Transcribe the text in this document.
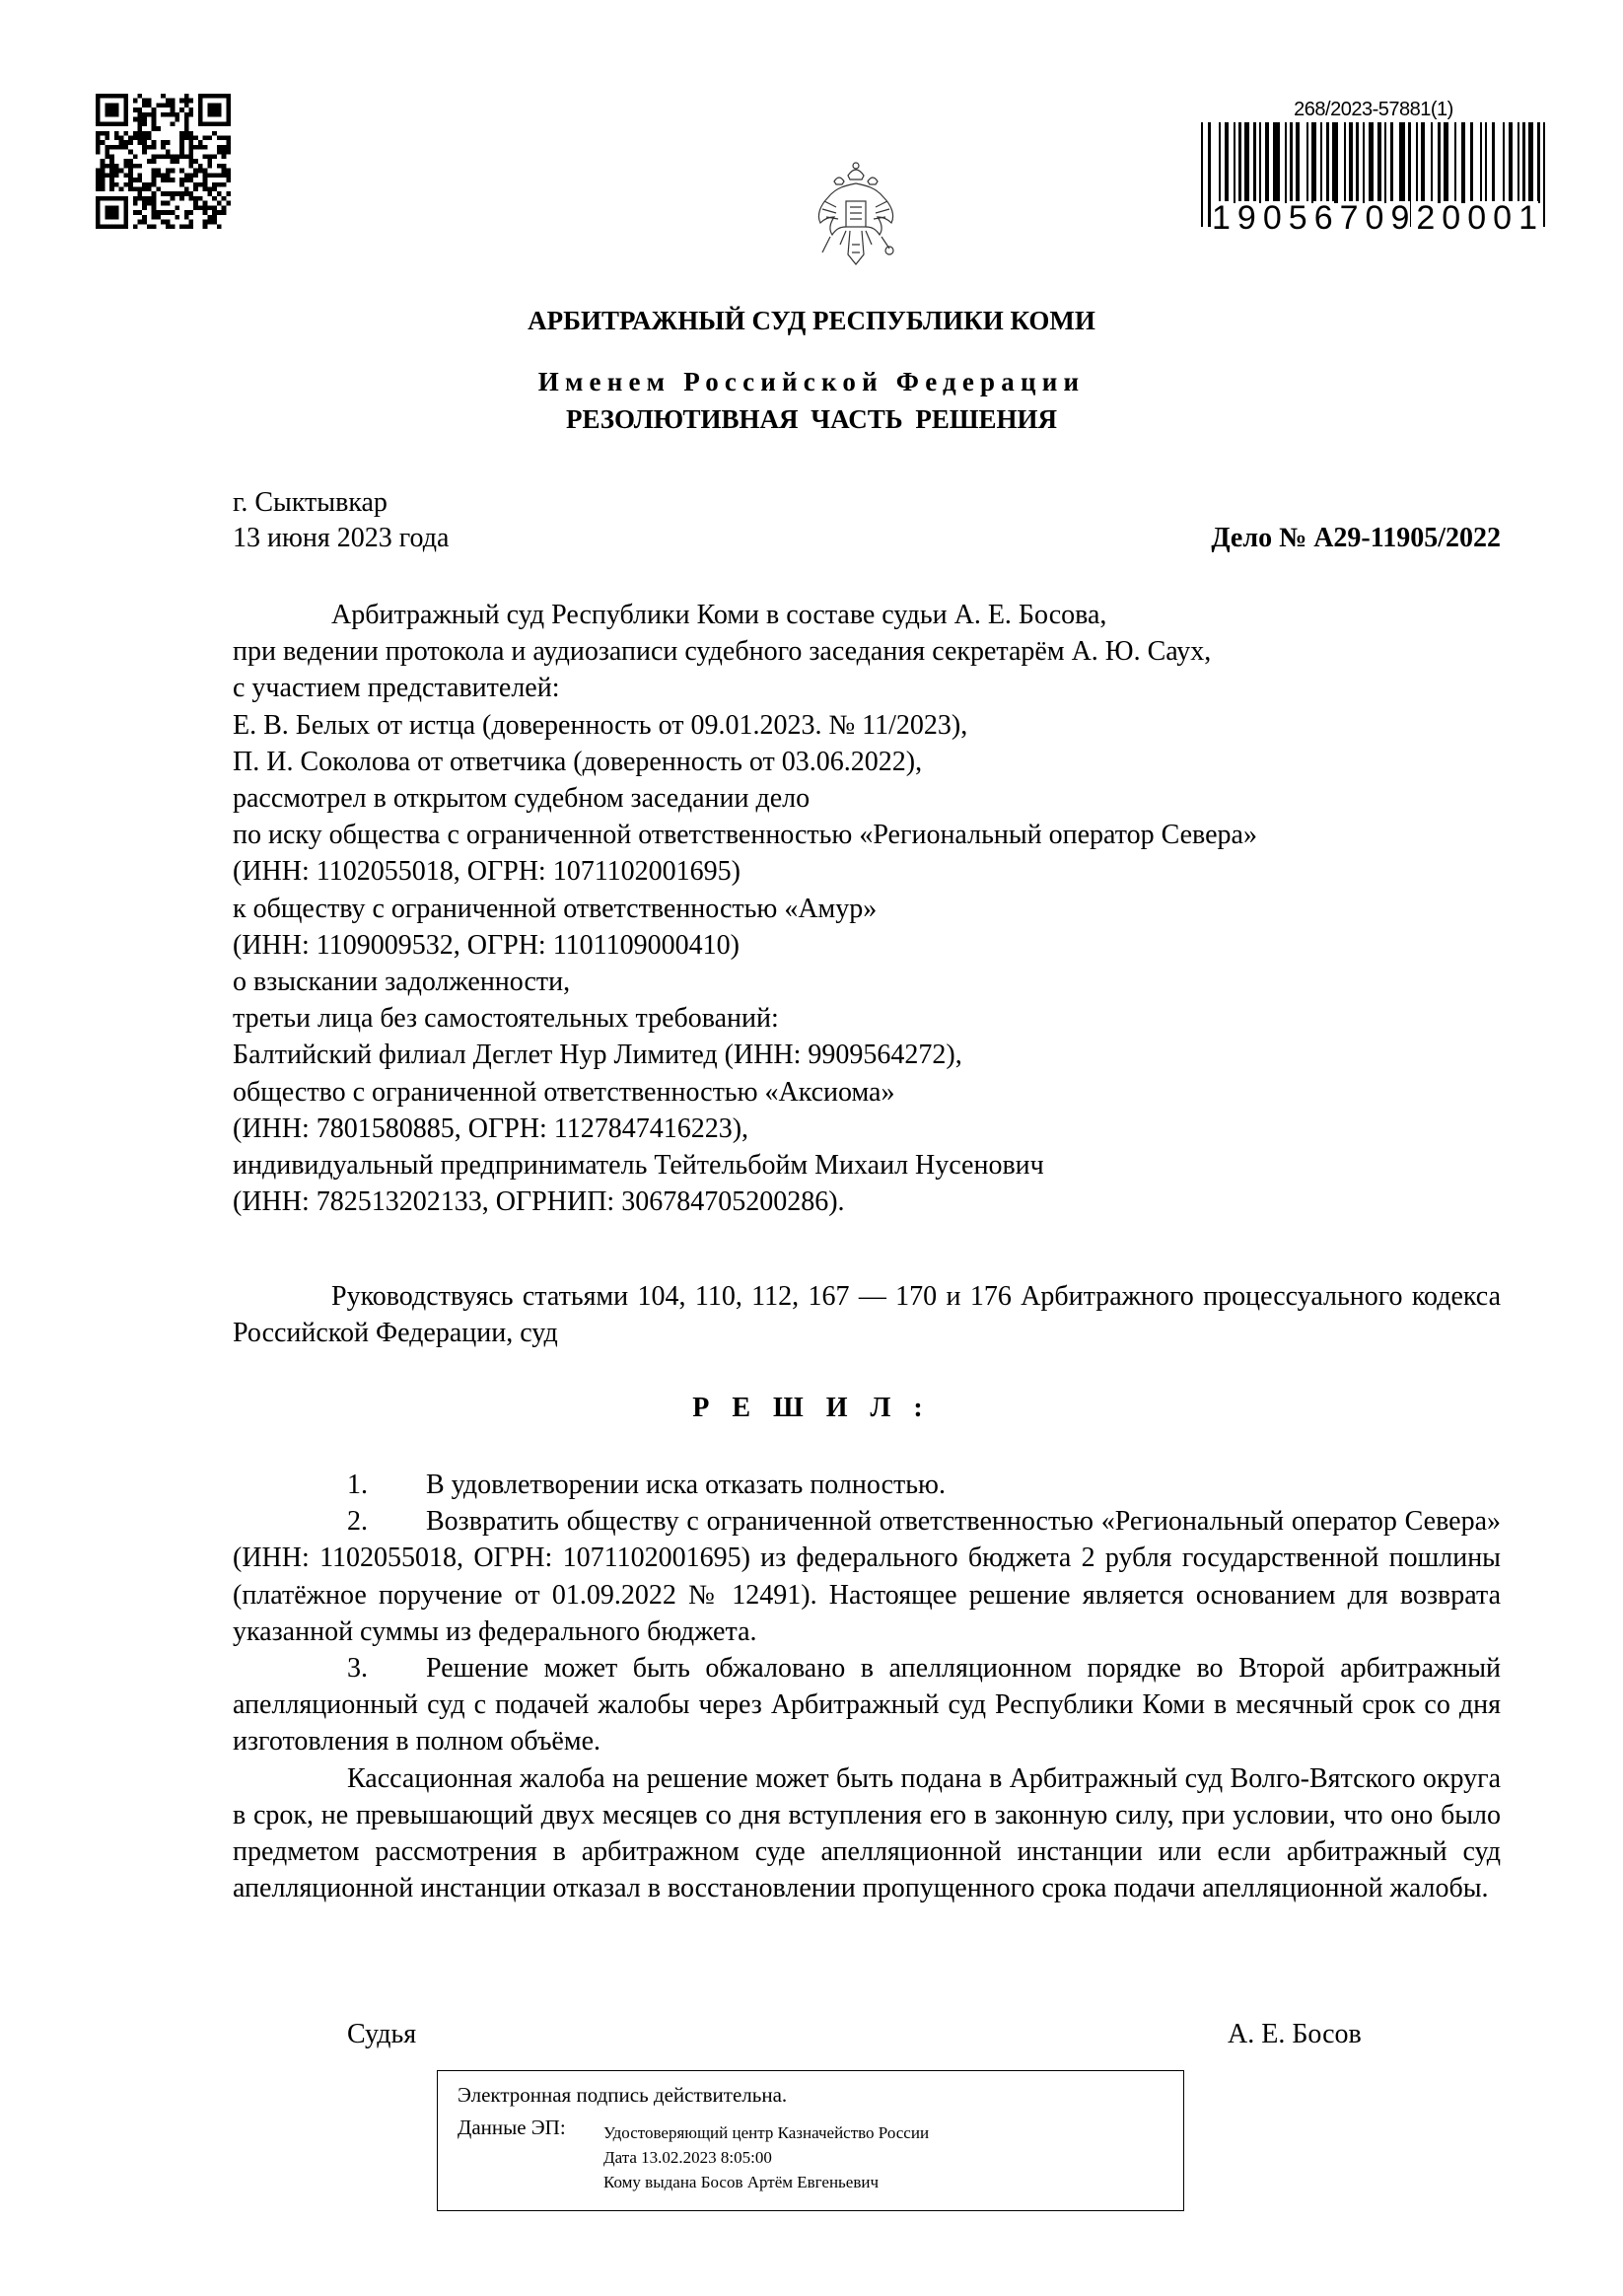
268/2023-57881(1)
1 9 0 5 6 7 0 9 2 0 0 0 1
АРБИТРАЖНЫЙ СУД РЕСПУБЛИКИ КОМИ
Именем Российской Федерации
РЕЗОЛЮТИВНАЯ ЧАСТЬ РЕШЕНИЯ
г. Сыктывкар
13 июня 2023 года	Дело № А29-11905/2022

Арбитражный суд Республики Коми в составе судьи А. Е. Босова,

при ведении протокола и аудиозаписи судебного заседания секретарём А. Ю. Саух,

с участием представителей:

Е. В. Белых от истца (доверенность от 09.01.2023. № 11/2023),

П. И. Соколова от ответчика (доверенность от 03.06.2022),

рассмотрел в открытом судебном заседании дело

по иску общества с ограниченной ответственностью «Региональный оператор Севера»

(ИНН: 1102055018, ОГРН: 1071102001695)

к обществу с ограниченной ответственностью «Амур»

(ИНН: 1109009532, ОГРН: 1101109000410)

о взыскании задолженности,

третьи лица без самостоятельных требований:

Балтийский филиал Деглет Нур Лимитед (ИНН: 9909564272),

общество с ограниченной ответственностью «Аксиома»

(ИНН: 7801580885, ОГРН: 1127847416223),

индивидуальный предприниматель Тейтельбойм Михаил Нусенович

(ИНН: 782513202133, ОГРНИП: 306784705200286).

Руководствуясь статьями 104, 110, 112, 167 — 170 и 176 Арбитражного процессуального кодекса Российской Федерации, суд

Р Е Ш И Л :

1. В удовлетворении иска отказать полностью.

2. Возвратить обществу с ограниченной ответственностью «Региональный оператор Севера» (ИНН: 1102055018, ОГРН: 1071102001695) из федерального бюджета 2 рубля государственной пошлины (платёжное поручение от 01.09.2022 № 12491). Настоящее решение является основанием для возврата указанной суммы из федерального бюджета.

3. Решение может быть обжаловано в апелляционном порядке во Второй арбитражный апелляционный суд с подачей жалобы через Арбитражный суд Республики Коми в месячный срок со дня изготовления в полном объёме.

Кассационная жалоба на решение может быть подана в Арбитражный суд Волго-Вятского округа в срок, не превышающий двух месяцев со дня вступления его в законную силу, при условии, что оно было предметом рассмотрения в арбитражном суде апелляционной инстанции или если арбитражный суд апелляционной инстанции отказал в восстановлении пропущенного срока подачи апелляционной жалобы.

Судья	А. Е. Босов
Электронная подпись действительна.
Данные ЭП: Удостоверяющий центр Казначейство России
Дата 13.02.2023 8:05:00
Кому выдана Босов Артём Евгеньевич
